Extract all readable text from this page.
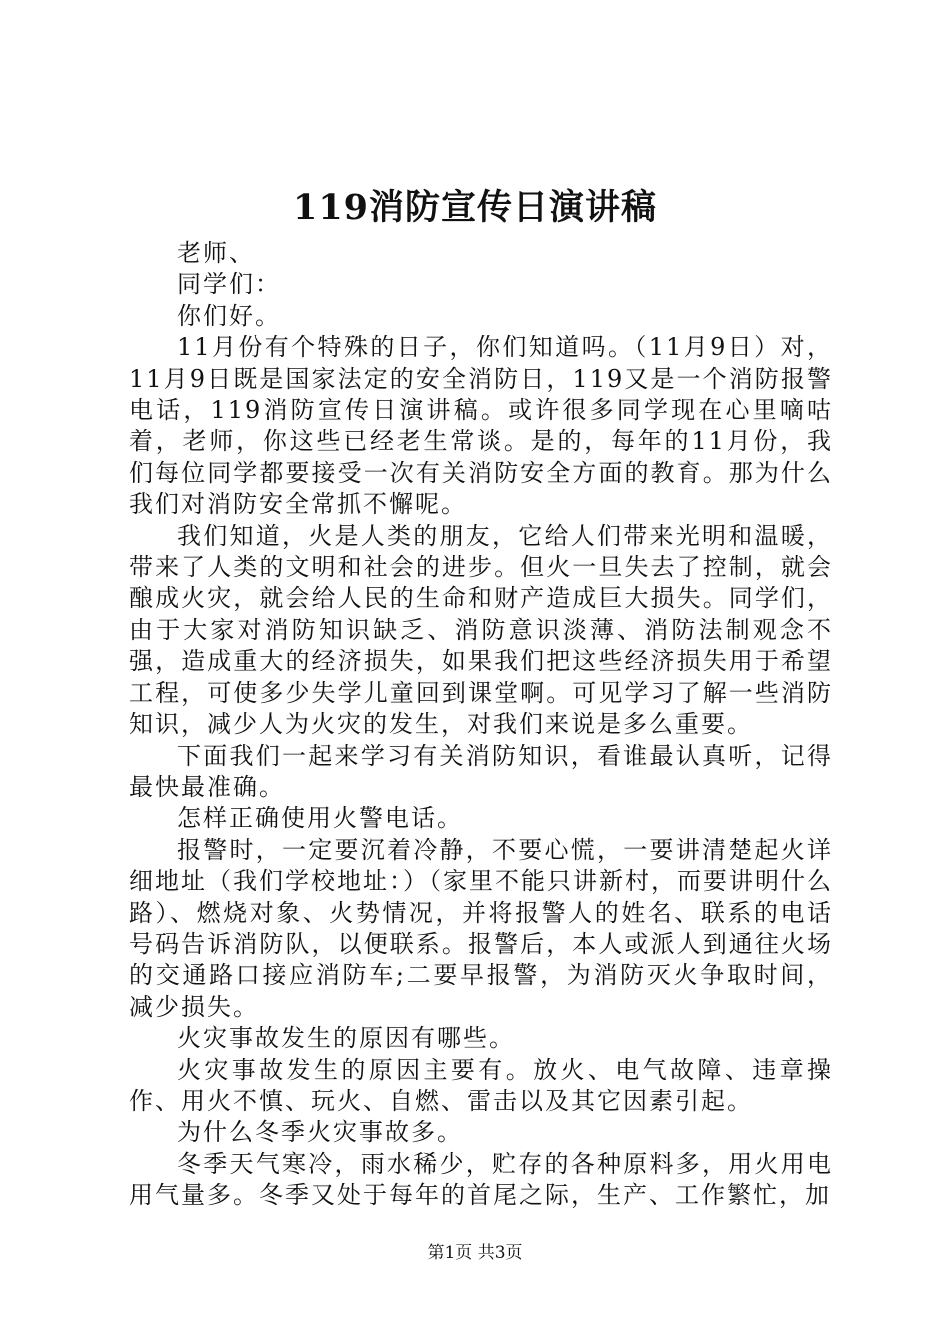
119消防宣传日演讲稿

老师、

同学们：

你们好。

11月份有个特殊的日子，你们知道吗。（11月9日）对，11月9日既是国家法定的安全消防日，119又是一个消防报警电话，119消防宣传日演讲稿。或许很多同学现在心里嘀咕着，老师，你这些已经老生常谈。是的，每年的11月份，我们每位同学都要接受一次有关消防安全方面的教育。那为什么我们对消防安全常抓不懈呢。

我们知道，火是人类的朋友，它给人们带来光明和温暖，带来了人类的文明和社会的进步。但火一旦失去了控制，就会酿成火灾，就会给人民的生命和财产造成巨大损失。同学们，由于大家对消防知识缺乏、消防意识淡薄、消防法制观念不强，造成重大的经济损失，如果我们把这些经济损失用于希望工程，可使多少失学儿童回到课堂啊。可见学习了解一些消防知识，减少人为火灾的发生，对我们来说是多么重要。

下面我们一起来学习有关消防知识，看谁最认真听，记得最快最准确。

怎样正确使用火警电话。

报警时，一定要沉着冷静，不要心慌，一要讲清楚起火详细地址（我们学校地址：）（家里不能只讲新村，而要讲明什么路）、燃烧对象、火势情况，并将报警人的姓名、联系的电话号码告诉消防队，以便联系。报警后，本人或派人到通往火场的交通路口接应消防车;二要早报警，为消防灭火争取时间，减少损失。

火灾事故发生的原因有哪些。

火灾事故发生的原因主要有。放火、电气故障、违章操作、用火不慎、玩火、自燃、雷击以及其它因素引起。

为什么冬季火灾事故多。

冬季天气寒冷，雨水稀少，贮存的各种原料多，用火用电用气量多。冬季又处于每年的首尾之际，生产、工作繁忙，加

第1页 共3页
